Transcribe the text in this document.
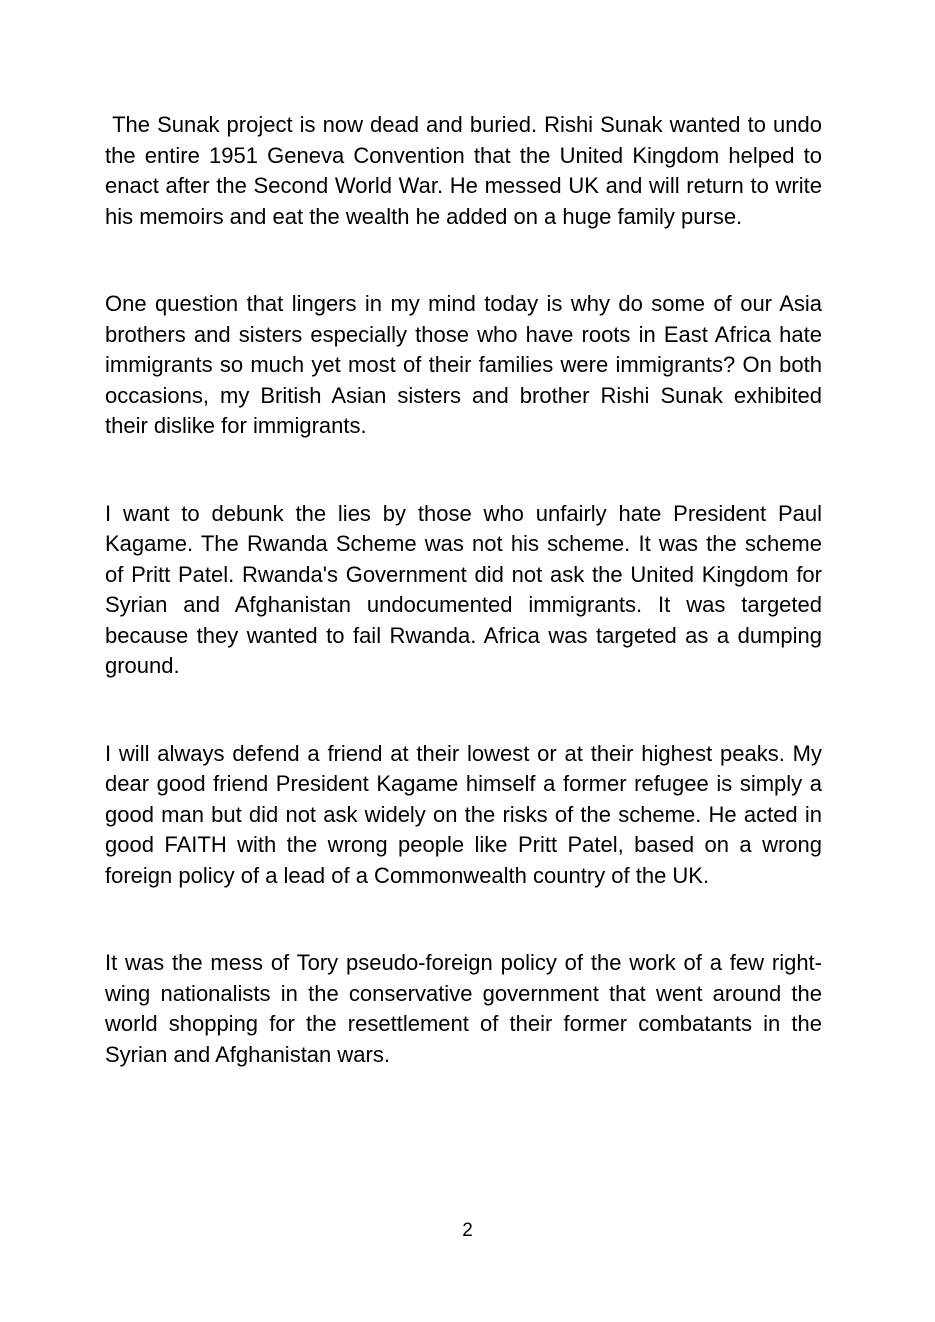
The Sunak project is now dead and buried. Rishi Sunak wanted to undo the entire 1951 Geneva Convention that the United Kingdom helped to enact after the Second World War. He messed UK and will return to write his memoirs and eat the wealth he added on a huge family purse.

One question that lingers in my mind today is why do some of our Asia brothers and sisters especially those who have roots in East Africa hate immigrants so much yet most of their families were immigrants? On both occasions, my British Asian sisters and brother Rishi Sunak exhibited their dislike for immigrants.

I want to debunk the lies by those who unfairly hate President Paul Kagame. The Rwanda Scheme was not his scheme. It was the scheme of Pritt Patel. Rwanda's Government did not ask the United Kingdom for Syrian and Afghanistan undocumented immigrants. It was targeted because they wanted to fail Rwanda. Africa was targeted as a dumping ground.

I will always defend a friend at their lowest or at their highest peaks. My dear good friend President Kagame himself a former refugee is simply a good man but did not ask widely on the risks of the scheme. He acted in good FAITH with the wrong people like Pritt Patel, based on a wrong foreign policy of a lead of a Commonwealth country of the UK.

It was the mess of Tory pseudo-foreign policy of the work of a few right-wing nationalists in the conservative government that went around the world shopping for the resettlement of their former combatants in the Syrian and Afghanistan wars.

2
